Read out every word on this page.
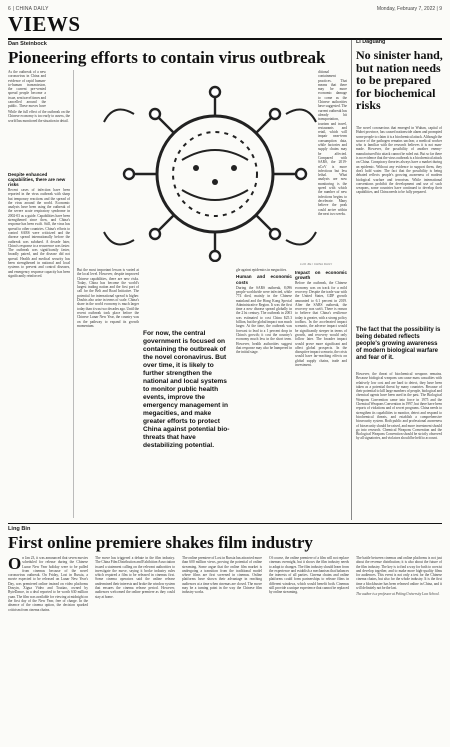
6 | CHINA DAILY	Monday, February 7, 2022 | 9
VIEWS
Dan Steinbock
Pioneering efforts to contain virus outbreak
As the outbreak of a new coronavirus in China and evidence of rapid human-to-human transmission, the current pre-vented spread people become a issue, sent travel times and cancelled around the public. These moves have
While the full effect of the outbreak on the Chinese economy is too early to assess, the world has monitored the situation in detail.
Despite enhanced capabilities, there are new risks
Recent cases of infection have been reported in the virus outbreak with sharp but temporary reactions and the spread of the virus around the world. Economic analysts have been using the outbreak of the severe acute respiratory syndrome in 2002-03 as a guide. Capabilities have been strengthened since then, and China's response has been swift. Still, the virus has spread to other countries. China's efforts to control SARS were criticized and the disease spread internationally before the outbreak was subdued. A decade later, China's response to a recurrence was faster. The outbreak was significantly faster, broadly paired, and the disease did not spread. Health and medical security has been strengthened in national and local systems to prevent and control diseases, and emergency response capacity has been significantly reinforced.
But the most important lesson is varied at the local level. However, despite improved Chinese capabilities, there are new risks. Today, China has become the world's largest trading nation and the first port of call for the Belt and Road Initiative. The potential for international spread is higher. Doubts also arise in terms of scale. China's share in the world economy is much larger today than it was two decades ago. Until the recent outbreak took place before the Chinese Lunar New Year, the country was on the pathway to expand its growth momentum.
LUO JIE / CHINA DAILY
For now, the central government is focused on containing the outbreak of the novel coronavirus. But over time, it is likely to further strengthen the national and local systems to monitor public health events, improve the emergency management in megacities, and make greater efforts to protect China against potential bio-threats that have destabilizing potential.
gle against epidemics in megacities.
Human and economic costs
During the SARS outbreak, 8,096 people worldwide were infected, while 774 died, mainly in the Chinese mainland and the Hong Kong Special Administrative Region. It was the first time a new disease spread globally in the 21st century. The outbreak in 2003 was estimated to cost China $25.3 billion, but the global impact was much larger. At the time, the outbreak was forecast to lead to a 1 percent drop in China's growth; it cost the country's economy much less in the short term. However, health authorities suggest that response may also be hampered in the initial stage.
Impact on economic growth
Before the outbreak, the Chinese economy was on track for a mild recovery. Despite the trade war with the United States, GDP growth amounted to 6.1 percent in 2019. After the SARS outbreak, the recovery was swift. There is reason to believe that China's resilience today is greater, with a strong policy toolbox. In the accelerated impact scenario, the adverse impact would be significantly steeper in terms of growth, and recovery would only follow later. The broader impact would prove more significant and affect global prospects. In the disruptive impact scenario, the crisis would have far-reaching effects on global supply chains, trade and investment.
ditional containment practices. That means that there may be more economic damage to come as the Chinese authorities have suggested. The current outbreak has already hit transportation, tourism and travel, restaurants and retail, which will impair near-term consumption data, while factories and supply chains may be affected. Compared with SARS, the 2019-nCoV is more infectious but less lethal. What analysts are now monitoring is the speed with which the number of new infections begins to decelerate. Many believe the peak could arrive within the next two weeks.
Li Daguang
No sinister hand, but nation needs to be prepared for biochemical risks
The novel coronavirus that emerged in Wuhan, capital of Hubei province, has caused nationwide alarm and prompted some people to claim it is a biochemical attack. Although the source of the pathogen remains unclear, a medical worker who is familiar with the research believes it is not man-made. However, the possibility of another enemy-manufactured bio attack cannot be ruled out. But so far there is no evidence that the virus outbreak is a biochemical attack on China. Conspiracy theories always have a market during an epidemic. Without any evidence to support them, they don't hold water. The fact that the possibility is being debated reflects people's growing awareness of modern biological warfare and terrorism. While international conventions prohibit the development and use of such weapons, some countries have continued to develop their capabilities, and China needs to be fully prepared.
The fact that the possibility is being debated reflects people's growing awareness of modern biological warfare and fear of it.
However, the threat of biochemical weapons remains. Because biological weapons can cause mass casualties with relatively low cost and are hard to detect, they have been taken as a potential threat by many countries. Because of their potential to kill large numbers of people, biological and chemical agents have been used in the past. The Biological Weapons Convention came into force in 1975 and the Chemical Weapons Convention in 1997, but there have been reports of violations and of secret programs. China needs to strengthen its capabilities to monitor, detect and respond to biochemical threats, and establish a comprehensive biosecurity system. Both public and professional awareness of biosecurity should be raised, and more investment should go into research. Chemical Weapons Convention and the Biological Weapons Convention should be strictly observed by all signatories, and violators should be held to account.
Ling Bin
First online premiere shakes film industry
On Jan 23, it was announced that seven movies scheduled for release during the Chinese Lunar New Year holiday were to be pulled from cinemas because of the novel coronavirus outbreak. On Friday, Lost in Russia, a movie expected to be released on Lunar New Year's Day, was premiered online instead on video platforms Douyin, Xigua Video and Toutiao, owned by ByteDance, in a deal reported to be worth 630 million yuan. The film was available for viewing at midnight on the first day of the New Year, free of charge. In the absence of the cinema option, the decision sparked criticism from cinema chains.
The move has triggered a debate in the film industry. The China Film Distribution and Exhibition Association issued a statement calling on the relevant authorities to investigate the move, saying it broke industry rules which required a film to be released in cinemas first. Some cinema operators said the online release undermined their interests and broke the window system that ensures the cinema release period. However, audiences welcomed the online premiere as they could stay at home.
The online premiere of Lost in Russia has attracted more than 600 million views, proving the potential of online streaming. Some argue that the online film market is undergoing a transition from the traditional model where films are first screened in cinemas. Online platforms have shown their advantage in reaching audiences at a time when cinemas are closed. The move may be a turning point in the way the Chinese film industry works.
Of course, the online premiere of a film will not replace cinemas overnight, but it shows the film industry needs to adapt to changes. The film industry should learn from the experience and establish a mechanism that balances the interests of all parties. Cinema chains and online platforms could form partnerships to release films in different windows, which would benefit both. Cinemas still provide a unique experience that cannot be replaced by online streaming.
The battle between cinemas and online platforms is not just about the revenue distribution; it is also about the future of the film industry. The key is to find a way for both to coexist and develop together, and to make more high-quality films for audiences. This event is not only a test for the Chinese cinema chains, but also for the whole industry. It is the first time a blockbuster has been released online in China, and it will definitely not be the last.
The author is a professor at Peking University Law School.
